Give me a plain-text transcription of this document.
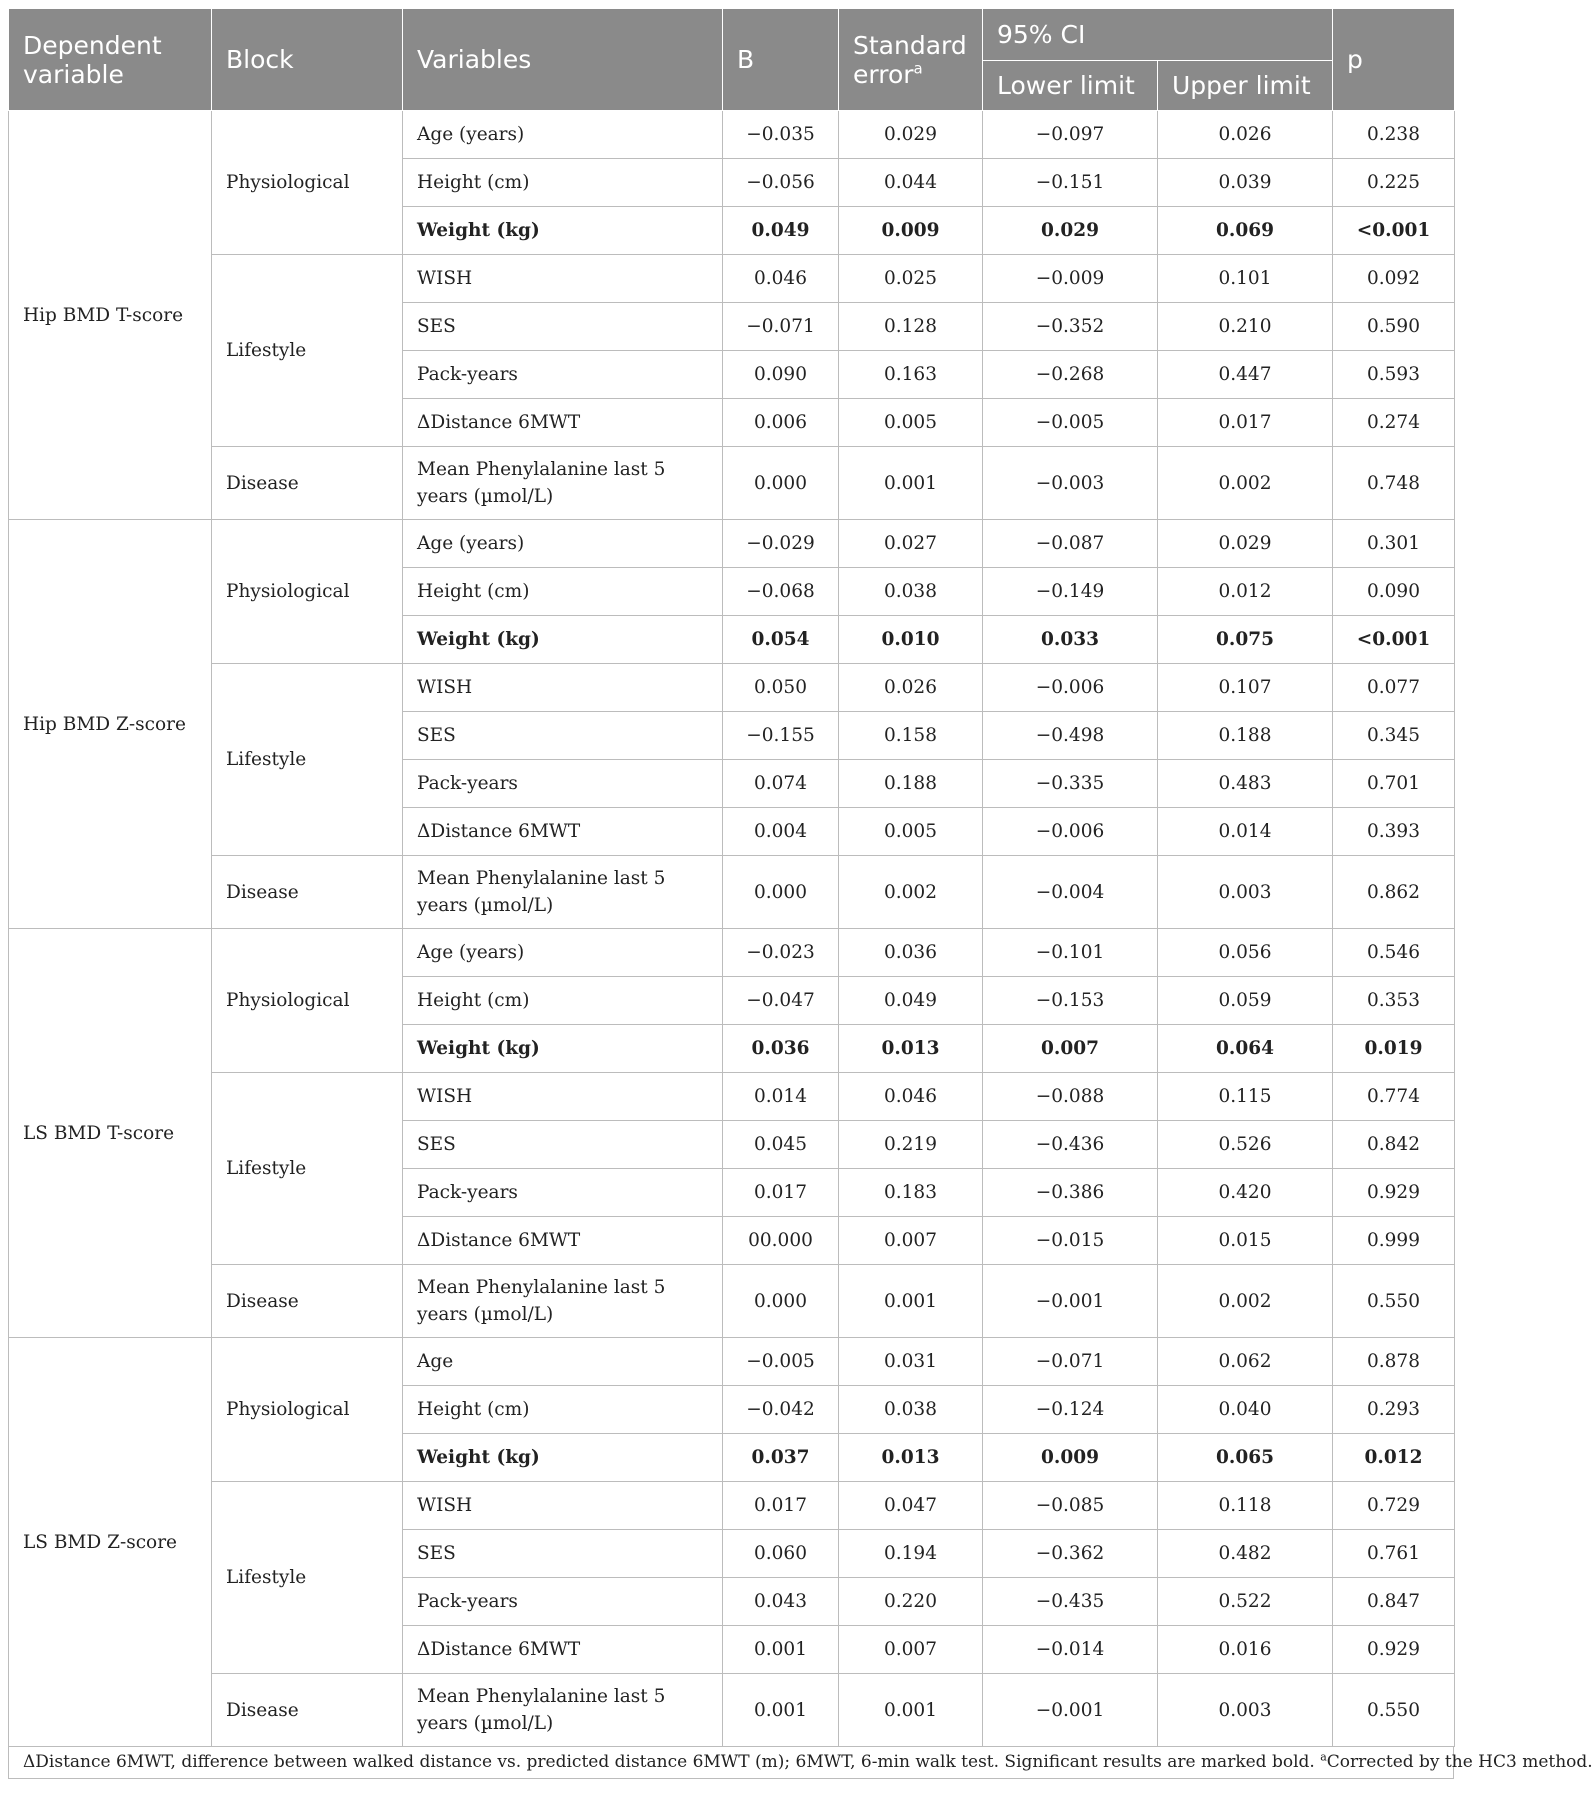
Dependent variable	Block	Variables	B	Standard error$^a$	95% CI		p
					Lower limit	Upper limit	
Hip BMD T-score	Physiological	Age (years)	−0.035	0.029	−0.097	0.026	0.238
		Height (cm)	−0.056	0.044	−0.151	0.039	0.225
		Weight (kg)	0.049	0.009	0.029	0.069	<0.001
	Lifestyle	WISH	0.046	0.025	−0.009	0.101	0.092
		SES	−0.071	0.128	−0.352	0.210	0.590
		Pack-years	0.090	0.163	−0.268	0.447	0.593
		ΔDistance 6MWT	0.006	0.005	−0.005	0.017	0.274
	Disease	Mean Phenylalanine last 5 years (µmol/L)	0.000	0.001	−0.003	0.002	0.748
Hip BMD Z-score	Physiological	Age (years)	−0.029	0.027	−0.087	0.029	0.301
		Height (cm)	−0.068	0.038	−0.149	0.012	0.090
		Weight (kg)	0.054	0.010	0.033	0.075	<0.001
	Lifestyle	WISH	0.050	0.026	−0.006	0.107	0.077
		SES	−0.155	0.158	−0.498	0.188	0.345
		Pack-years	0.074	0.188	−0.335	0.483	0.701
		ΔDistance 6MWT	0.004	0.005	−0.006	0.014	0.393
	Disease	Mean Phenylalanine last 5 years (µmol/L)	0.000	0.002	−0.004	0.003	0.862
LS BMD T-score	Physiological	Age (years)	−0.023	0.036	−0.101	0.056	0.546
		Height (cm)	−0.047	0.049	−0.153	0.059	0.353
		Weight (kg)	0.036	0.013	0.007	0.064	0.019
	Lifestyle	WISH	0.014	0.046	−0.088	0.115	0.774
		SES	0.045	0.219	−0.436	0.526	0.842
		Pack-years	0.017	0.183	−0.386	0.420	0.929
		ΔDistance 6MWT	00.000	0.007	−0.015	0.015	0.999
	Disease	Mean Phenylalanine last 5 years (µmol/L)	0.000	0.001	−0.001	0.002	0.550
LS BMD Z-score	Physiological	Age	−0.005	0.031	−0.071	0.062	0.878
		Height (cm)	−0.042	0.038	−0.124	0.040	0.293
		Weight (kg)	0.037	0.013	0.009	0.065	0.012
	Lifestyle	WISH	0.017	0.047	−0.085	0.118	0.729
		SES	0.060	0.194	−0.362	0.482	0.761
		Pack-years	0.043	0.220	−0.435	0.522	0.847
		ΔDistance 6MWT	0.001	0.007	−0.014	0.016	0.929
	Disease	Mean Phenylalanine last 5 years (µmol/L)	0.001	0.001	−0.001	0.003	0.550
ΔDistance 6MWT, difference between walked distance vs. predicted distance 6MWT (m); 6MWT, 6-min walk test. Significant results are marked bold. $^a$Corrected by the HC3 method.
